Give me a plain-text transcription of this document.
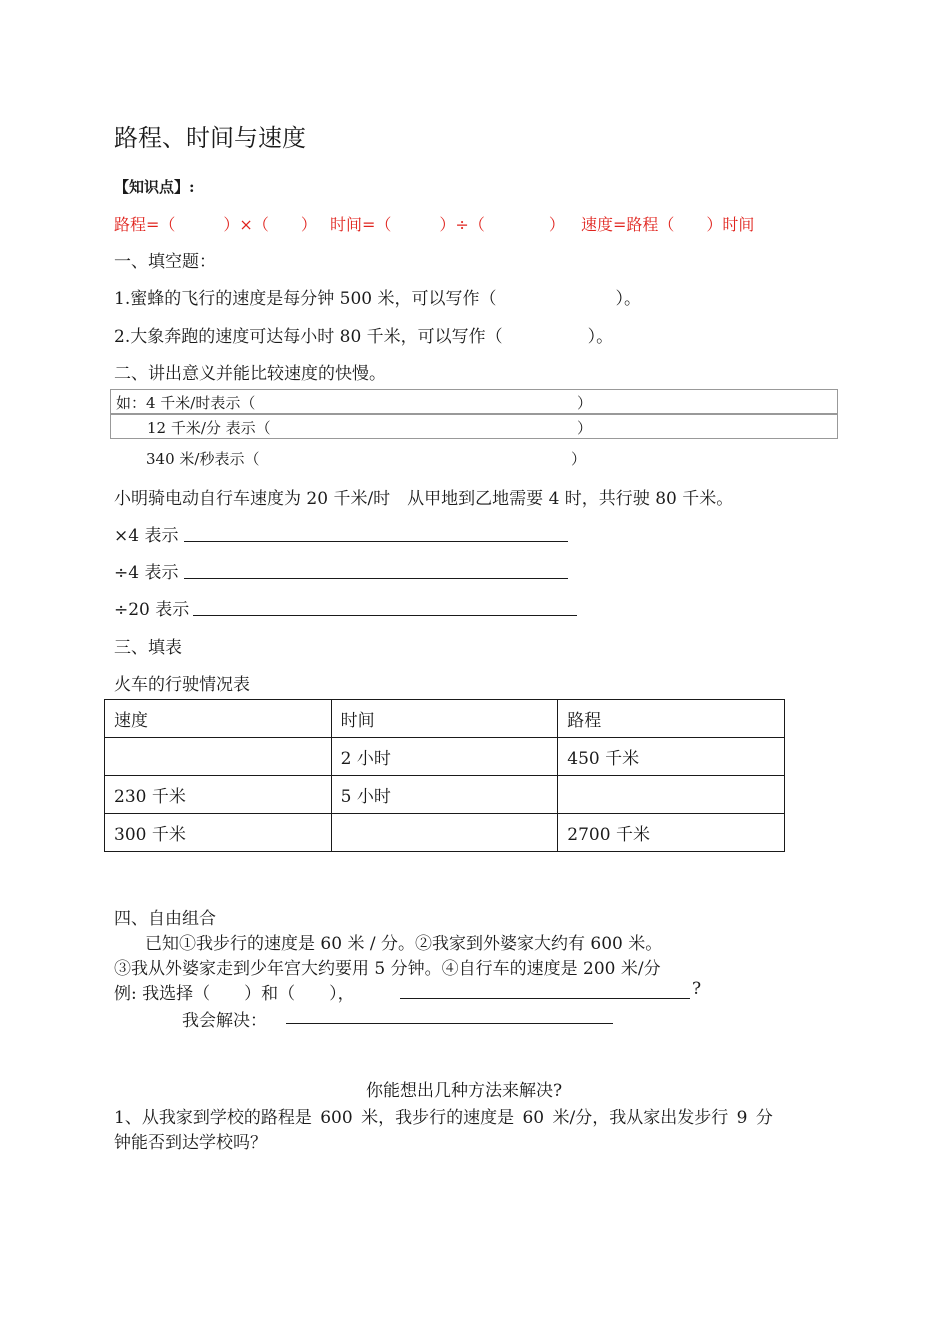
路程、时间与速度
【知识点】:
路程=（　　　）×（　　） 时间=（　　　）÷（　　　　） 速度=路程（　　）时间
一、填空题：
1.蜜蜂的飞行的速度是每分钟 500 米，可以写作（　　　　　　　）。
2.大象奔跑的速度可达每小时 80 千米，可以写作（　　　　　）。
二、讲出意义并能比较速度的快慢。
如：4 千米/时表示（	）
12 千米/分 表示（	）
340 米/秒表示（	）
小明骑电动自行车速度为 20 千米/时　从甲地到乙地需要 4 时，共行驶 80 千米。
×4 表示
÷4 表示
÷20 表示
三、填表
火车的行驶情况表
速度	时间	路程
	2 小时	450 千米
230 千米	5 小时	
300 千米		2700 千米
四、自由组合
已知①我步行的速度是 60 米 / 分。②我家到外婆家大约有 600 米。
③我从外婆家走到少年宫大约要用 5 分钟。④自行车的速度是 200 米/分
例: 我选择（　　）和（　　），	?
我会解决：
你能想出几种方法来解决?
1、从我家到学校的路程是 600 米，我步行的速度是 60 米/分，我从家出发步行 9 分
钟能否到达学校吗？
